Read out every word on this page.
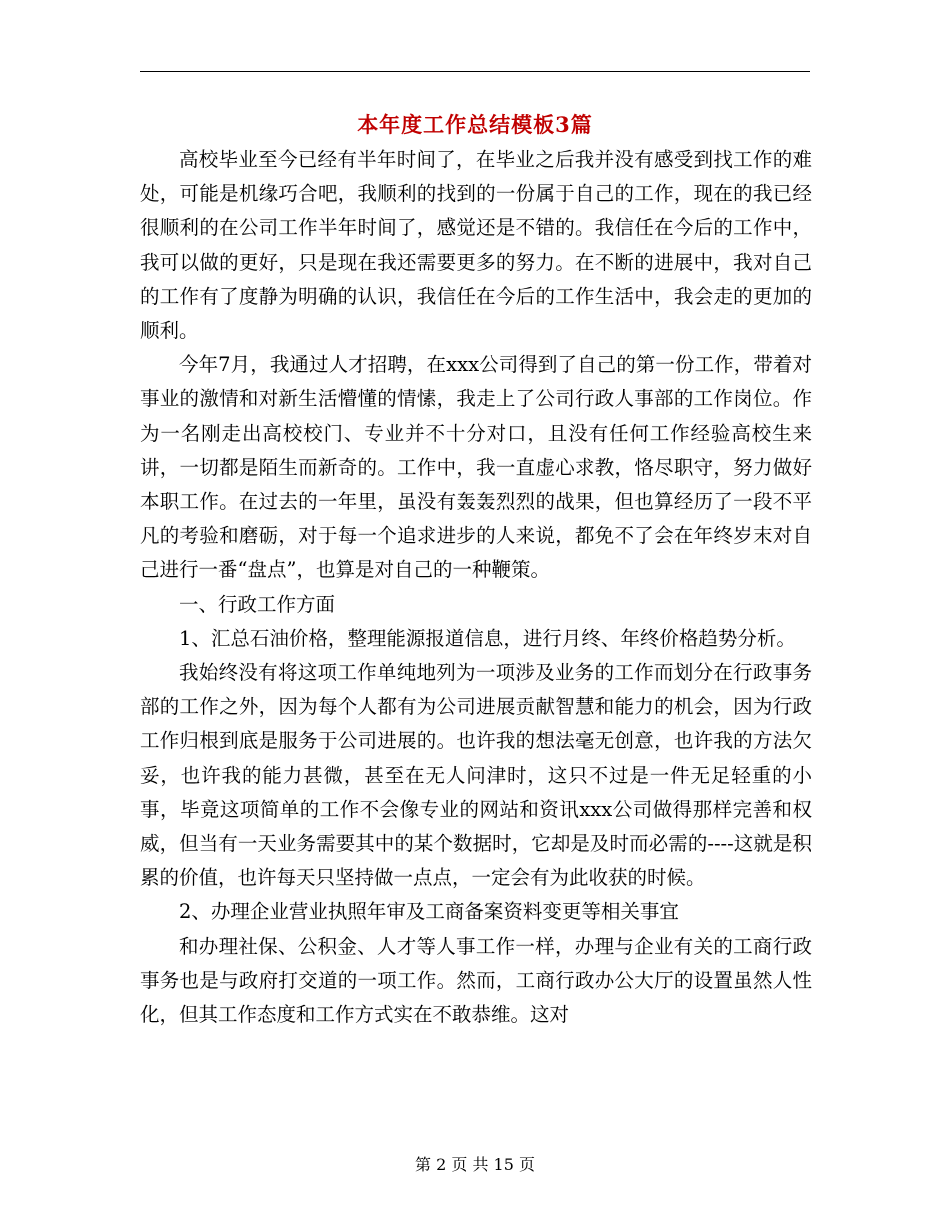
本年度工作总结模板3篇

高校毕业至今已经有半年时间了，在毕业之后我并没有感受到找工作的难处，可能是机缘巧合吧，我顺利的找到的一份属于自己的工作，现在的我已经很顺利的在公司工作半年时间了，感觉还是不错的。我信任在今后的工作中，我可以做的更好，只是现在我还需要更多的努力。在不断的进展中，我对自己的工作有了度静为明确的认识，我信任在今后的工作生活中，我会走的更加的顺利。

今年7月，我通过人才招聘，在xxx公司得到了自己的第一份工作，带着对事业的激情和对新生活懵懂的情愫，我走上了公司行政人事部的工作岗位。作为一名刚走出高校校门、专业并不十分对口，且没有任何工作经验高校生来讲，一切都是陌生而新奇的。工作中，我一直虚心求教，恪尽职守，努力做好本职工作。在过去的一年里，虽没有轰轰烈烈的战果，但也算经历了一段不平凡的考验和磨砺，对于每一个追求进步的人来说，都免不了会在年终岁末对自己进行一番“盘点”，也算是对自己的一种鞭策。

一、行政工作方面

1、汇总石油价格，整理能源报道信息，进行月终、年终价格趋势分析。

我始终没有将这项工作单纯地列为一项涉及业务的工作而划分在行政事务部的工作之外，因为每个人都有为公司进展贡献智慧和能力的机会，因为行政工作归根到底是服务于公司进展的。也许我的想法毫无创意，也许我的方法欠妥，也许我的能力甚微，甚至在无人问津时，这只不过是一件无足轻重的小事，毕竟这项简单的工作不会像专业的网站和资讯xxx公司做得那样完善和权威，但当有一天业务需要其中的某个数据时，它却是及时而必需的----这就是积累的价值，也许每天只坚持做一点点，一定会有为此收获的时候。

2、办理企业营业执照年审及工商备案资料变更等相关事宜

和办理社保、公积金、人才等人事工作一样，办理与企业有关的工商行政事务也是与政府打交道的一项工作。然而，工商行政办公大厅的设置虽然人性化，但其工作态度和工作方式实在不敢恭维。这对

第 2 页 共 15 页
